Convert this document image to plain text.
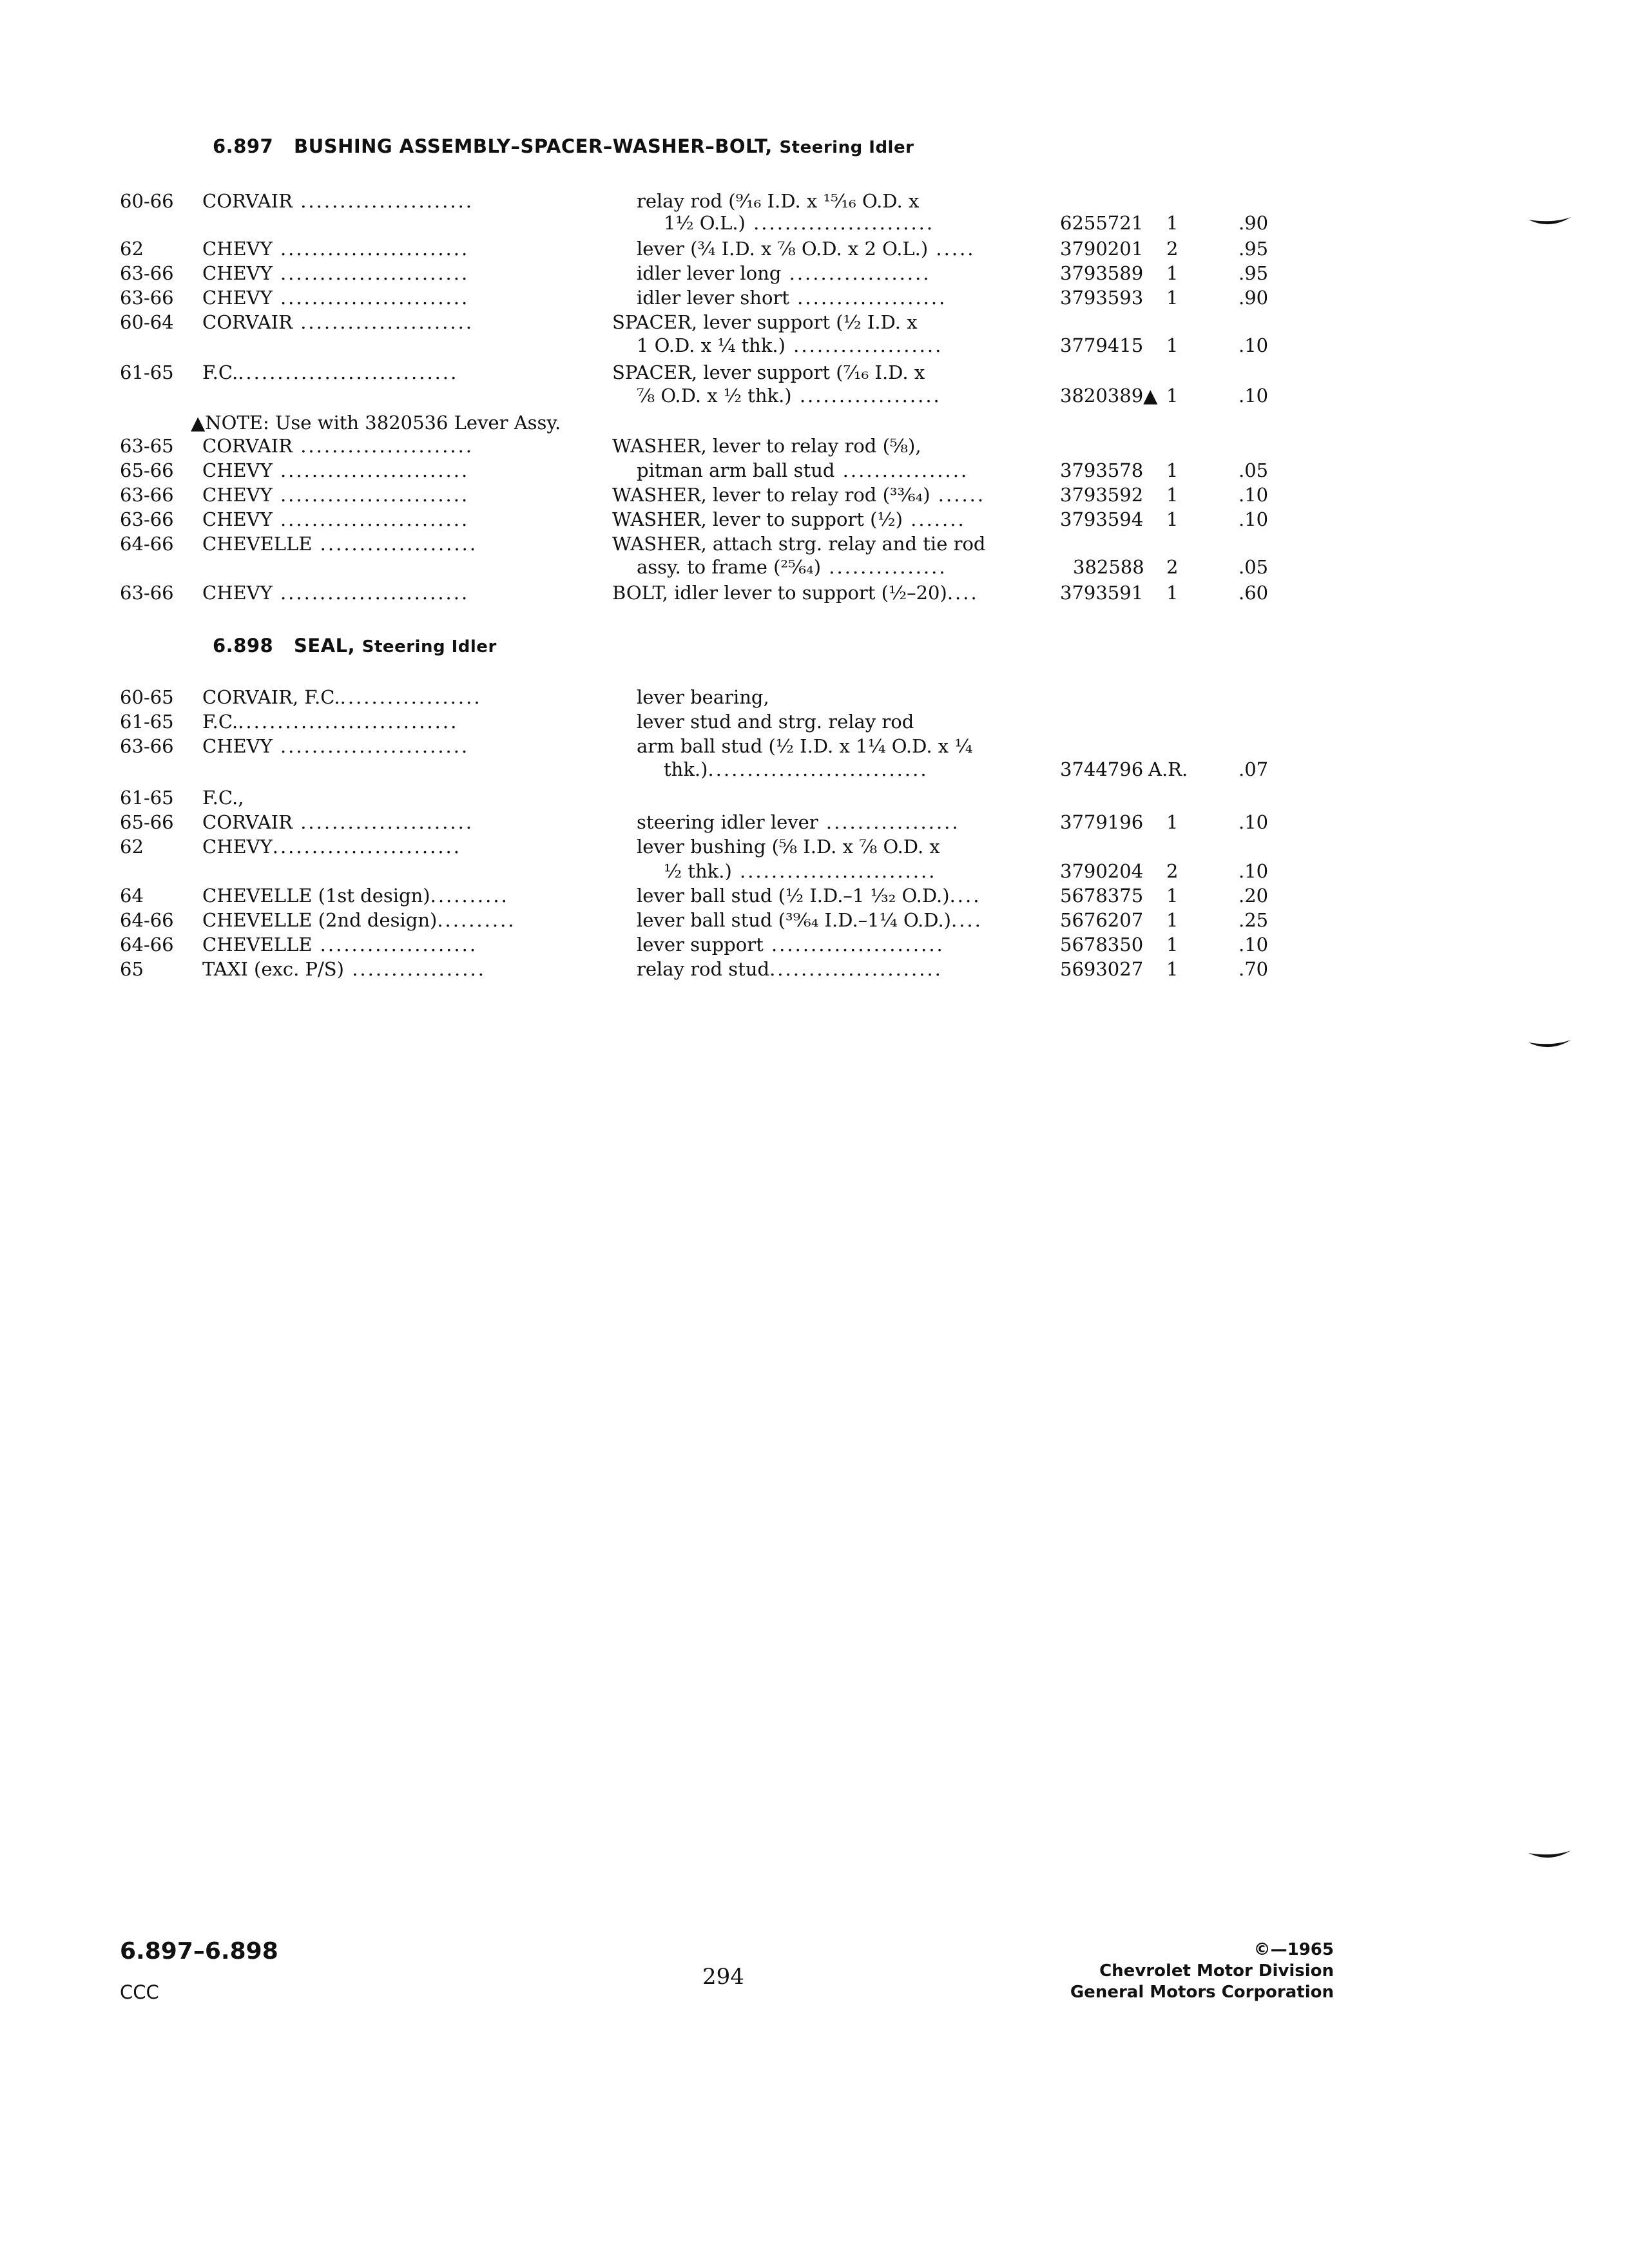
6.897 BUSHING ASSEMBLY–SPACER–WASHER–BOLT, Steering Idler
60-66 CORVAIR ......................	relay rod (⁹⁄₁₆ I.D. x ¹⁵⁄₁₆ O.D. x
1½ O.L.) .......................	6255721 1	.90
62	CHEVY ........................	lever (¾ I.D. x ⅞ O.D. x 2 O.L.) .....	3790201 2	.95
63-66 CHEVY ........................	idler lever long ..................	3793589 1	.95
63-66 CHEVY ........................	idler lever short ...................	3793593 1	.90
60-64 CORVAIR ......................	SPACER, lever support (½ I.D. x
1 O.D. x ¼ thk.) ...................	3779415 1	.10
61-65 F.C.............................	SPACER, lever support (⁷⁄₁₆ I.D. x
⅞ O.D. x ½ thk.) ..................	3820389▲ 1	.10
▲NOTE: Use with 3820536 Lever Assy.
63-65 CORVAIR ......................	WASHER, lever to relay rod (⅝),
65-66 CHEVY ........................	pitman arm ball stud ................	3793578 1	.05
63-66 CHEVY ........................	WASHER, lever to relay rod (³³⁄₆₄) ......	3793592 1	.10
63-66 CHEVY ........................	WASHER, lever to support (½) .......	3793594 1	.10
64-66 CHEVELLE ....................	WASHER, attach strg. relay and tie rod
assy. to frame (²⁵⁄₆₄) ...............	382588 2	.05
63-66 CHEVY ........................	BOLT, idler lever to support (½–20)....	3793591 1	.60
6.898 SEAL, Steering Idler
60-65 CORVAIR, F.C...................	lever bearing,
61-65 F.C.............................	lever stud and strg. relay rod
63-66 CHEVY ........................	arm ball stud (½ I.D. x 1¼ O.D. x ¼
thk.)............................	3744796 A.R.	.07
61-65 F.C.,
65-66 CORVAIR ......................	steering idler lever .................	3779196 1	.10
62	CHEVY........................	lever bushing (⅝ I.D. x ⅞ O.D. x
½ thk.) .........................	3790204 2	.10
64	CHEVELLE (1st design)..........	lever ball stud (½ I.D.–1 ¹⁄₃₂ O.D.)....	5678375 1	.20
64-66 CHEVELLE (2nd design)..........	lever ball stud (³⁹⁄₆₄ I.D.–1¼ O.D.)....	5676207 1	.25
64-66 CHEVELLE ....................	lever support ......................	5678350 1	.10
65	TAXI (exc. P/S) .................	relay rod stud......................	5693027 1	.70
6.897–6.898
CCC
294
©—1965
Chevrolet Motor Division
General Motors Corporation
